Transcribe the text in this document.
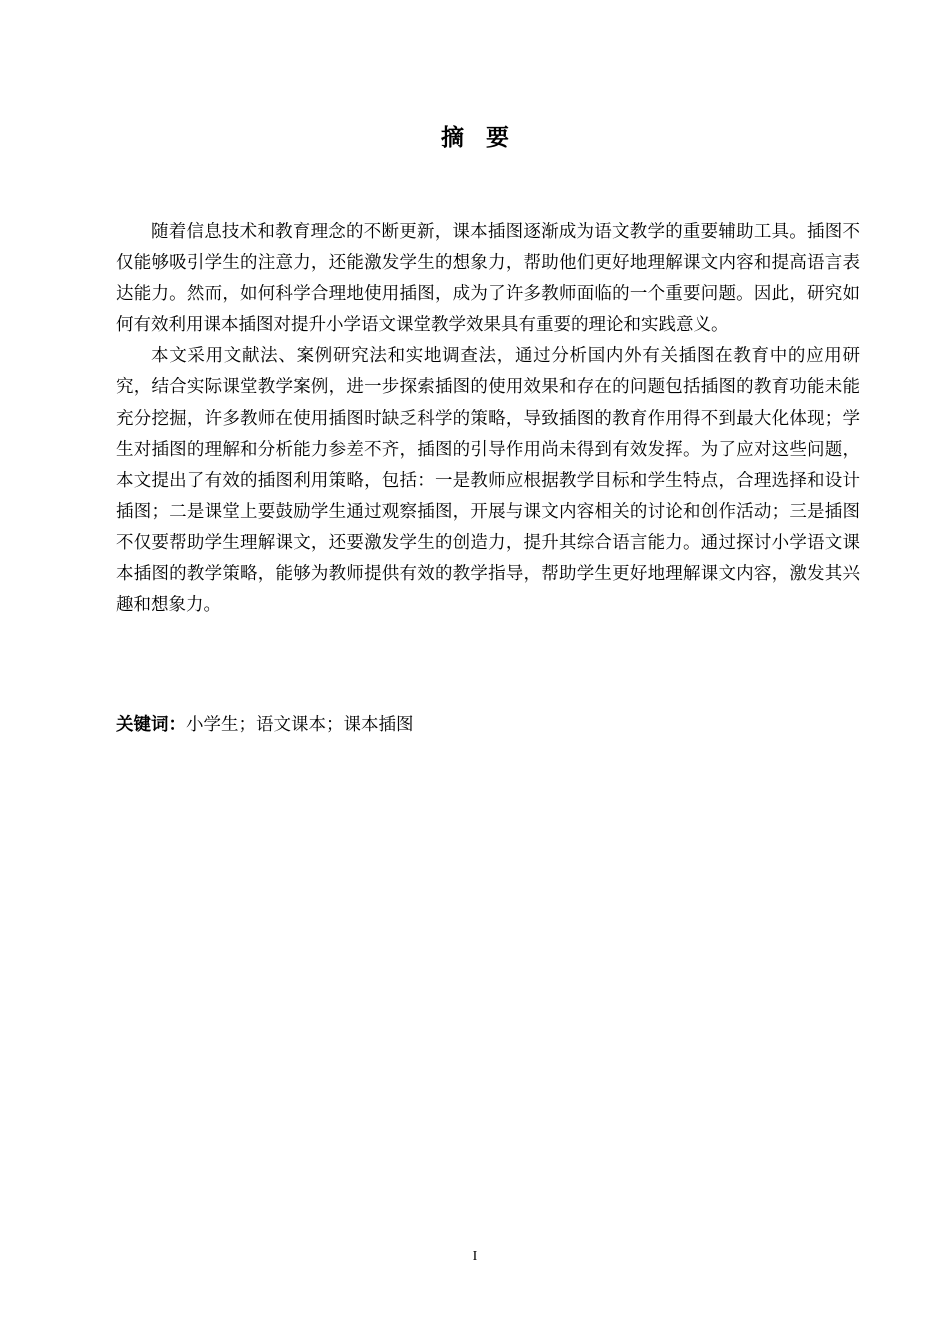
摘 要

随着信息技术和教育理念的不断更新，课本插图逐渐成为语文教学的重要辅助工具。插图不仅能够吸引学生的注意力，还能激发学生的想象力，帮助他们更好地理解课文内容和提高语言表达能力。然而，如何科学合理地使用插图，成为了许多教师面临的一个重要问题。因此，研究如何有效利用课本插图对提升小学语文课堂教学效果具有重要的理论和实践意义。

本文采用文献法、案例研究法和实地调查法，通过分析国内外有关插图在教育中的应用研究，结合实际课堂教学案例，进一步探索插图的使用效果和存在的问题包括插图的教育功能未能充分挖掘，许多教师在使用插图时缺乏科学的策略，导致插图的教育作用得不到最大化体现；学生对插图的理解和分析能力参差不齐，插图的引导作用尚未得到有效发挥。为了应对这些问题，本文提出了有效的插图利用策略，包括：一是教师应根据教学目标和学生特点，合理选择和设计插图；二是课堂上要鼓励学生通过观察插图，开展与课文内容相关的讨论和创作活动；三是插图不仅要帮助学生理解课文，还要激发学生的创造力，提升其综合语言能力。通过探讨小学语文课本插图的教学策略，能够为教师提供有效的教学指导，帮助学生更好地理解课文内容，激发其兴趣和想象力。

关键词：小学生；语文课本；课本插图
I
